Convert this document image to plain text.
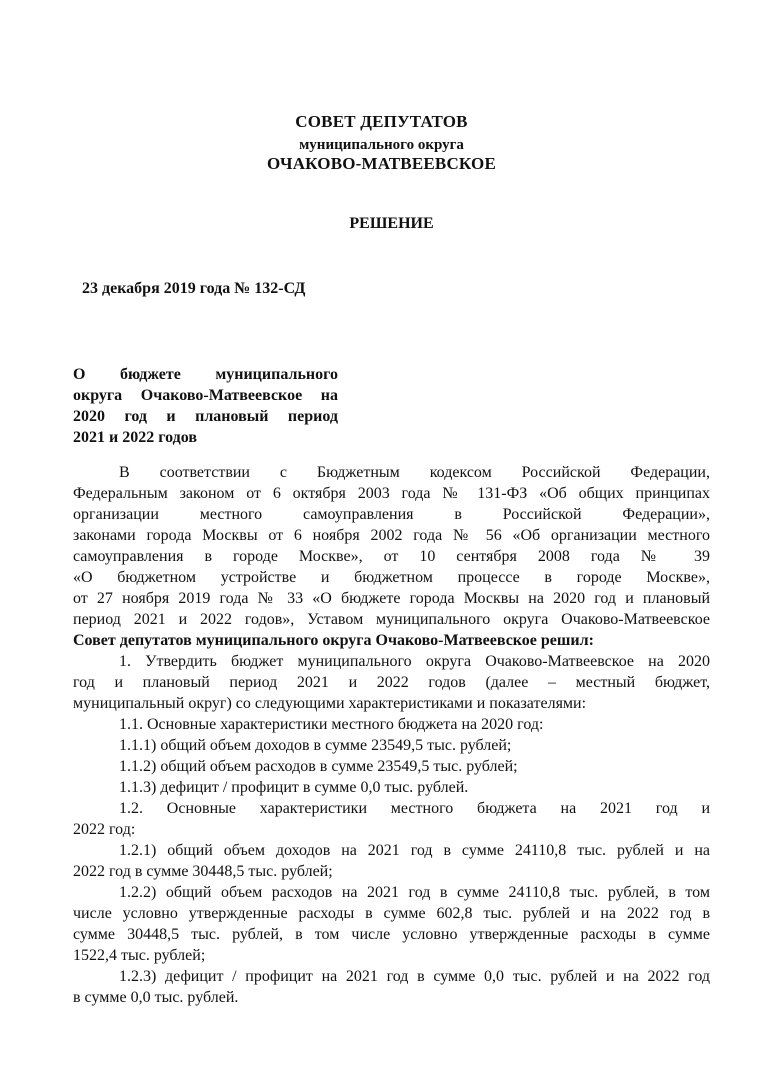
СОВЕТ ДЕПУТАТОВ
муниципального округа
ОЧАКОВО-МАТВЕЕВСКОЕ
РЕШЕНИЕ
23 декабря 2019 года № 132-СД
О бюджете муниципального
округа Очаково-Матвеевское на
2020 год и плановый период
2021 и 2022 годов
В соответствии с Бюджетным кодексом Российской Федерации,
Федеральным законом от 6 октября 2003 года № 131-ФЗ «Об общих принципах
организации местного самоуправления в Российской Федерации»,
законами города Москвы от 6 ноября 2002 года № 56 «Об организации местного
самоуправления в городе Москве», от 10 сентября 2008 года № 39
«О бюджетном устройстве и бюджетном процессе в городе Москве»,
от 27 ноября 2019 года № 33 «О бюджете города Москвы на 2020 год и плановый
период 2021 и 2022 годов», Уставом муниципального округа Очаково-Матвеевское
Совет депутатов муниципального округа Очаково-Матвеевское решил:
1. Утвердить бюджет муниципального округа Очаково-Матвеевское на 2020
год и плановый период 2021 и 2022 годов (далее – местный бюджет,
муниципальный округ) со следующими характеристиками и показателями:
1.1. Основные характеристики местного бюджета на 2020 год:
1.1.1) общий объем доходов в сумме 23549,5 тыс. рублей;
1.1.2) общий объем расходов в сумме 23549,5 тыс. рублей;
1.1.3) дефицит / профицит в сумме 0,0 тыс. рублей.
1.2. Основные характеристики местного бюджета на 2021 год и
2022 год:
1.2.1) общий объем доходов на 2021 год в сумме 24110,8 тыс. рублей и на
2022 год в сумме 30448,5 тыс. рублей;
1.2.2) общий объем расходов на 2021 год в сумме 24110,8 тыс. рублей, в том
числе условно утвержденные расходы в сумме 602,8 тыс. рублей и на 2022 год в
сумме 30448,5 тыс. рублей, в том числе условно утвержденные расходы в сумме
1522,4 тыс. рублей;
1.2.3) дефицит / профицит на 2021 год в сумме 0,0 тыс. рублей и на 2022 год
в сумме 0,0 тыс. рублей.
